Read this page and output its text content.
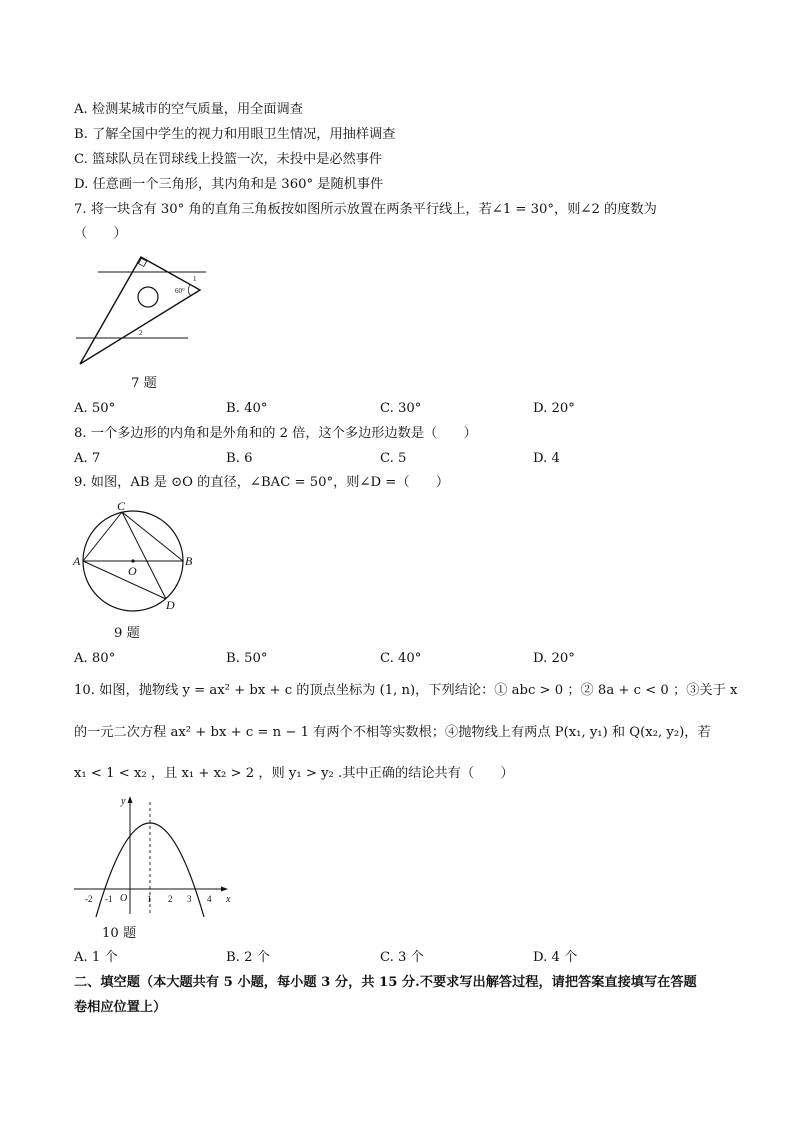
A. 检测某城市的空气质量，用全面调查
B. 了解全国中学生的视力和用眼卫生情况，用抽样调查
C. 篮球队员在罚球线上投篮一次，未投中是必然事件
D. 任意画一个三角形，其内角和是 360° 是随机事件
7. 将一块含有 30° 角的直角三角板按如图所示放置在两条平行线上，若∠1 = 30°，则∠2 的度数为
（　　）
60°
1
2
7 题
A. 50°	B. 40°	C. 30°	D. 20°
8. 一个多边形的内角和是外角和的 2 倍，这个多边形边数是（　　）
A. 7	B. 6	C. 5	D. 4
9. 如图，AB 是 ⊙O 的直径，∠BAC = 50°，则∠D =（　　）
A	B
C
D
O
9 题
A. 80°	B. 50°	C. 40°	D. 20°
10. 如图，抛物线 y = ax² + bx + c 的顶点坐标为 (1, n)，下列结论：① abc > 0 ；② 8a + c < 0 ；③关于 x
的一元二次方程 ax² + bx + c = n − 1 有两个不相等实数根；④抛物线上有两点 P(x₁, y₁) 和 Q(x₂, y₂)，若
x₁ < 1 < x₂ ，且 x₁ + x₂ > 2 ，则 y₁ > y₂ .其中正确的结论共有（　　）
y
x
O
-2 -1	1 2 3 4
10 题
A. 1 个	B. 2 个	C. 3 个	D. 4 个
二、填空题（本大题共有 5 小题，每小题 3 分，共 15 分.不要求写出解答过程，请把答案直接填写在答题
卷相应位置上）
